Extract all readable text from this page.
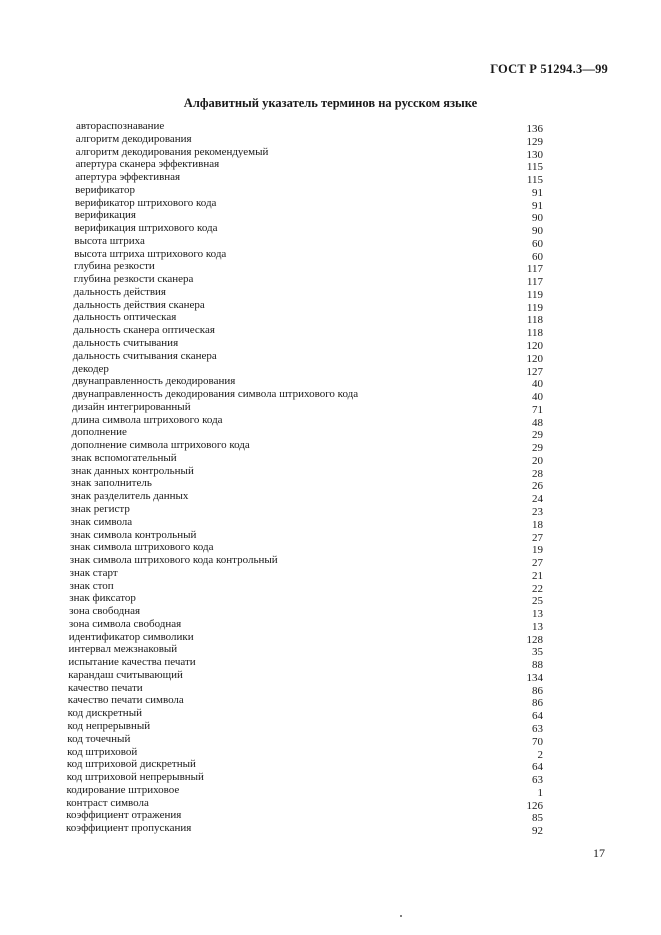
ГОСТ Р 51294.3—99
Алфавитный указатель терминов на русском языке
автораспознавание	136
алгоритм декодирования	129
алгоритм декодирования рекомендуемый	130
апертура сканера эффективная	115
апертура эффективная	115
верификатор	91
верификатор штрихового кода	91
верификация	90
верификация штрихового кода	90
высота штриха	60
высота штриха штрихового кода	60
глубина резкости	117
глубина резкости сканера	117
дальность действия	119
дальность действия сканера	119
дальность оптическая	118
дальность сканера оптическая	118
дальность считывания	120
дальность считывания сканера	120
декодер	127
двунаправленность декодирования	40
двунаправленность декодирования символа штрихового кода	40
дизайн интегрированный	71
длина символа штрихового кода	48
дополнение	29
дополнение символа штрихового кода	29
знак вспомогательный	20
знак данных контрольный	28
знак заполнитель	26
знак разделитель данных	24
знак регистр	23
знак символа	18
знак символа контрольный	27
знак символа штрихового кода	19
знак символа штрихового кода контрольный	27
знак старт	21
знак стоп	22
знак фиксатор	25
зона свободная	13
зона символа свободная	13
идентификатор символики	128
интервал межзнаковый	35
испытание качества печати	88
карандаш считывающий	134
качество печати	86
качество печати символа	86
код дискретный	64
код непрерывный	63
код точечный	70
код штриховой	2
код штриховой дискретный	64
код штриховой непрерывный	63
кодирование штриховое	1
контраст символа	126
коэффициент отражения	85
коэффициент пропускания	92
17
